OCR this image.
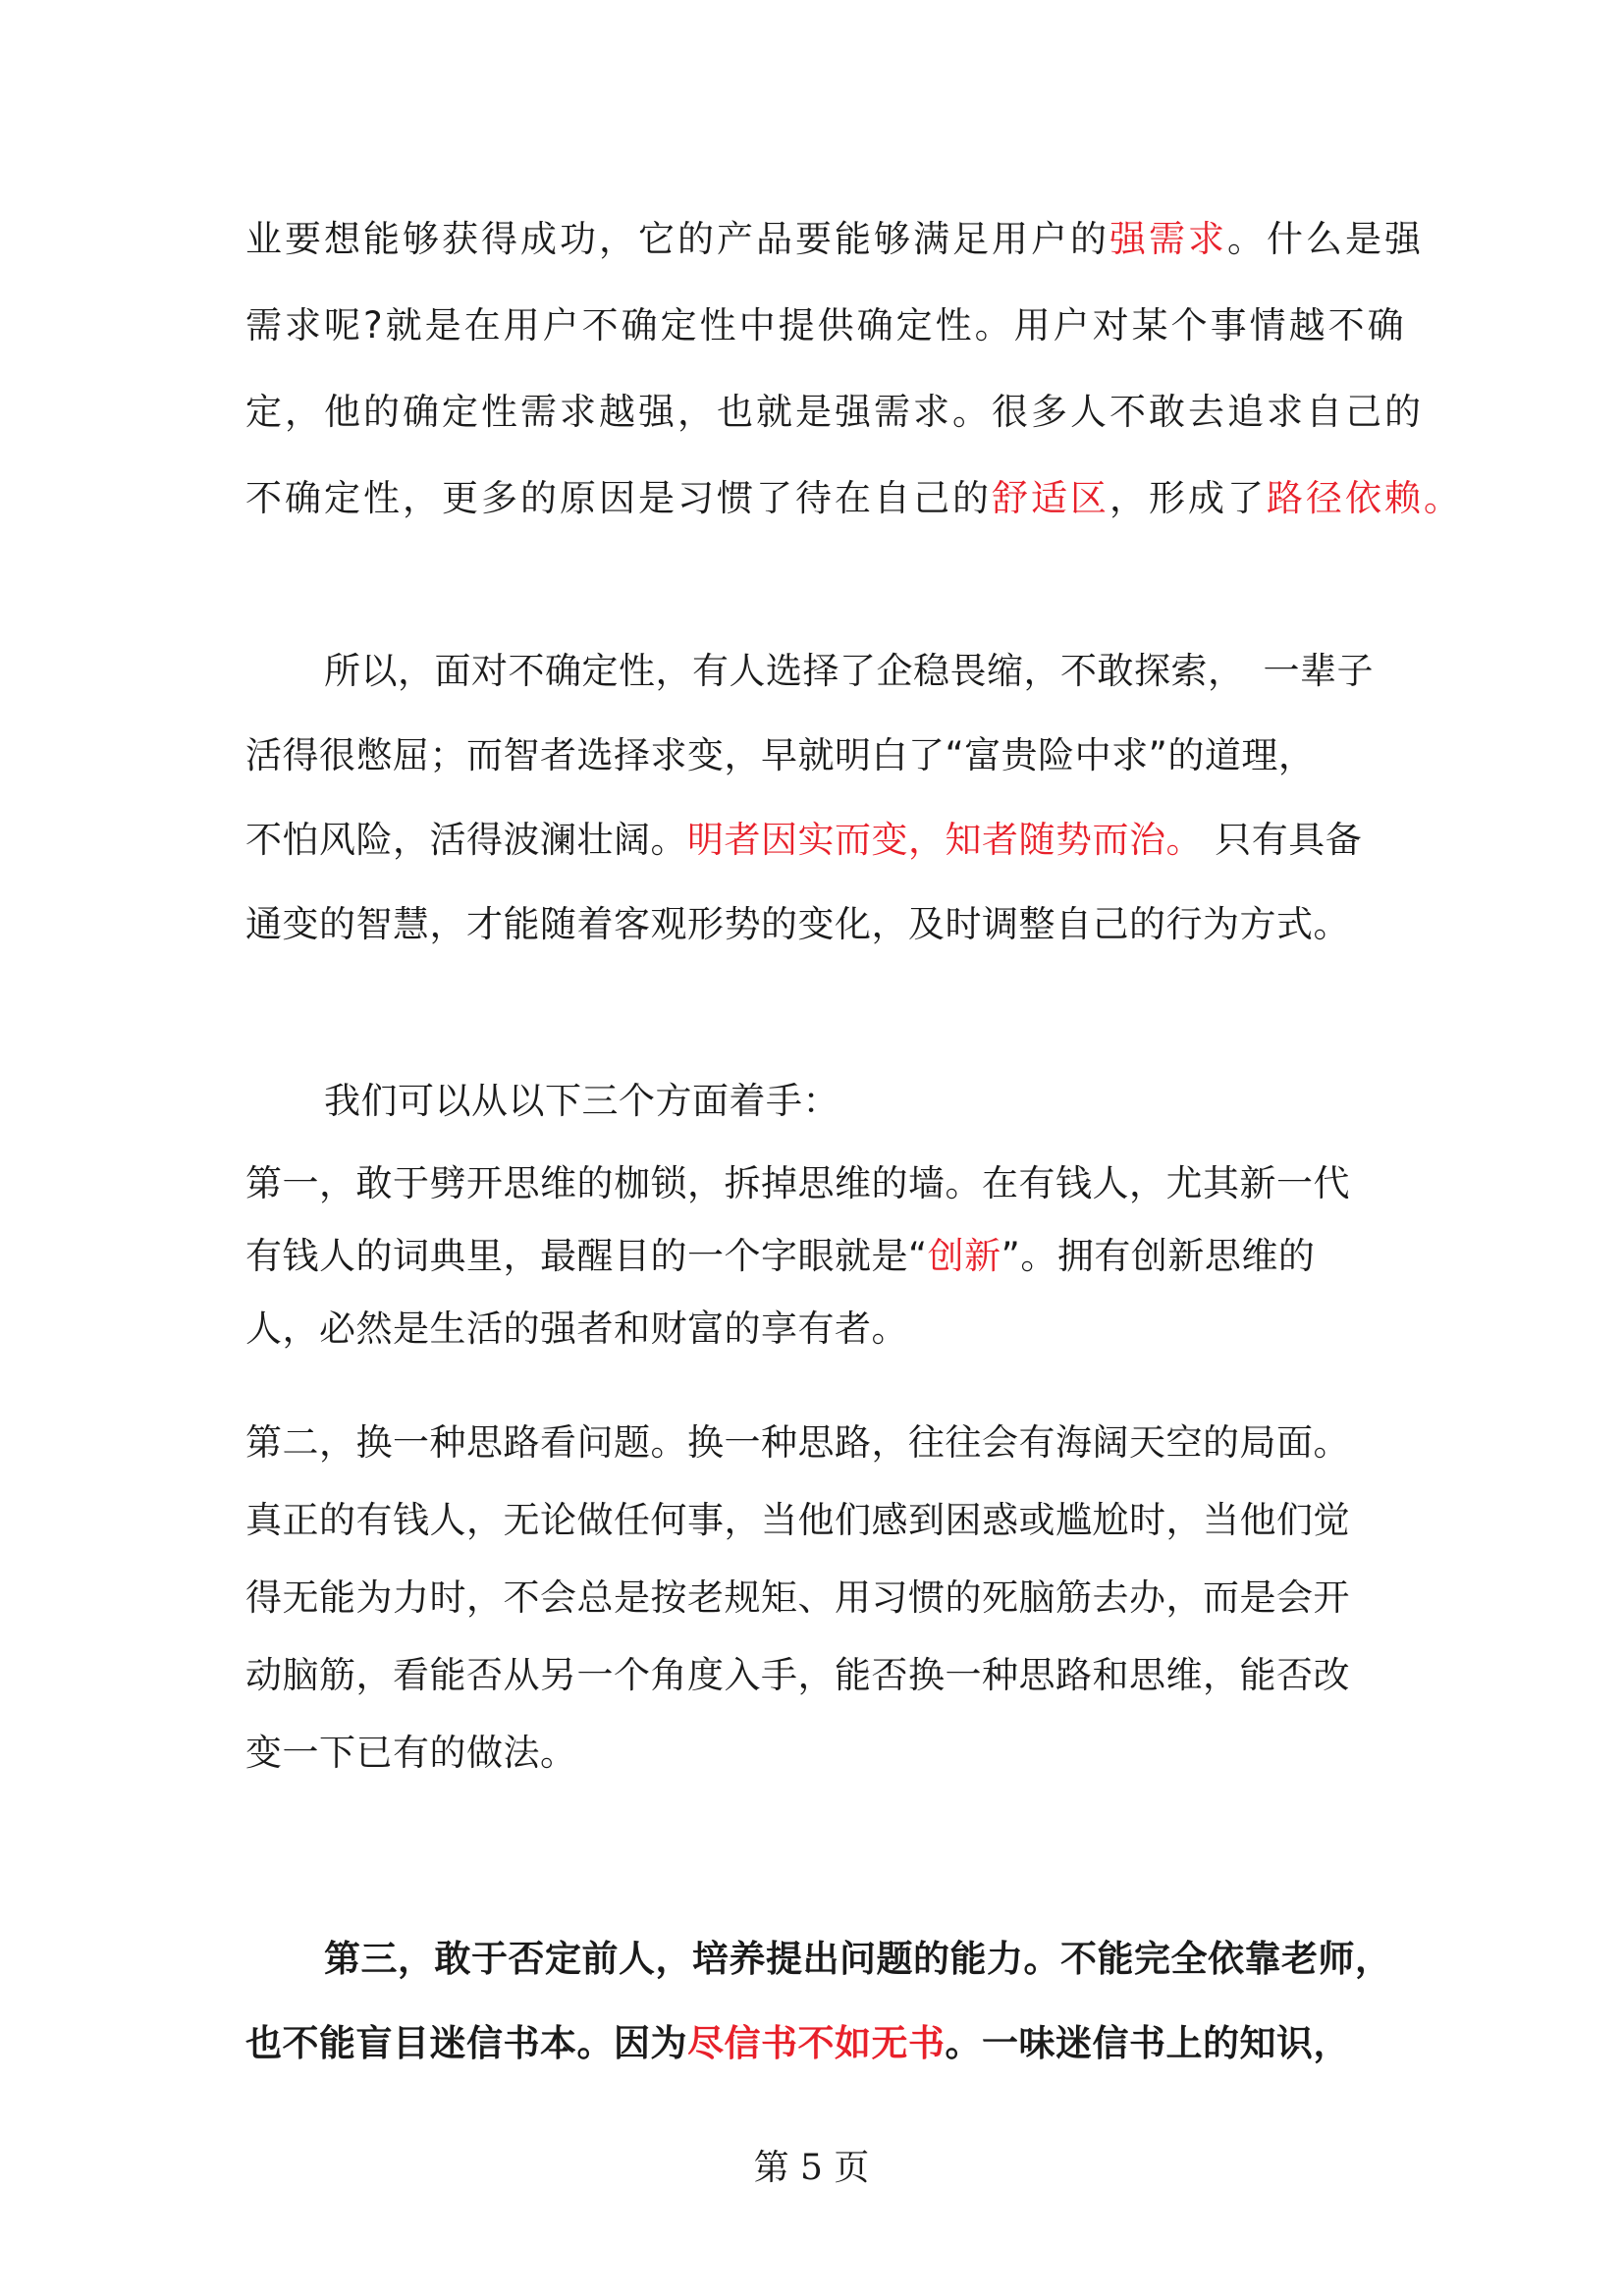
业要想能够获得成功，它的产品要能够满足用户的强需求。什么是强
需求呢?就是在用户不确定性中提供确定性。用户对某个事情越不确
定，他的确定性需求越强，也就是强需求。很多人不敢去追求自己的
不确定性，更多的原因是习惯了待在自己的舒适区，形成了路径依赖。
所以，面对不确定性，有人选择了企稳畏缩，不敢探索，　一辈子
活得很憋屈；而智者选择求变，早就明白了“富贵险中求”的道理，
不怕风险，活得波澜壮阔。明者因实而变，知者随势而治。 只有具备
通变的智慧，才能随着客观形势的变化，及时调整自己的行为方式。
我们可以从以下三个方面着手：
第一，敢于劈开思维的枷锁，拆掉思维的墙。在有钱人，尤其新一代
有钱人的词典里，最醒目的一个字眼就是“创新”。拥有创新思维的
人，必然是生活的强者和财富的享有者。
第二，换一种思路看问题。换一种思路，往往会有海阔天空的局面。
真正的有钱人，无论做任何事，当他们感到困惑或尴尬时，当他们觉
得无能为力时，不会总是按老规矩、用习惯的死脑筋去办，而是会开
动脑筋，看能否从另一个角度入手，能否换一种思路和思维，能否改
变一下已有的做法。
第三，敢于否定前人，培养提出问题的能力。不能完全依靠老师，
也不能盲目迷信书本。因为尽信书不如无书。一味迷信书上的知识，
第 5 页
